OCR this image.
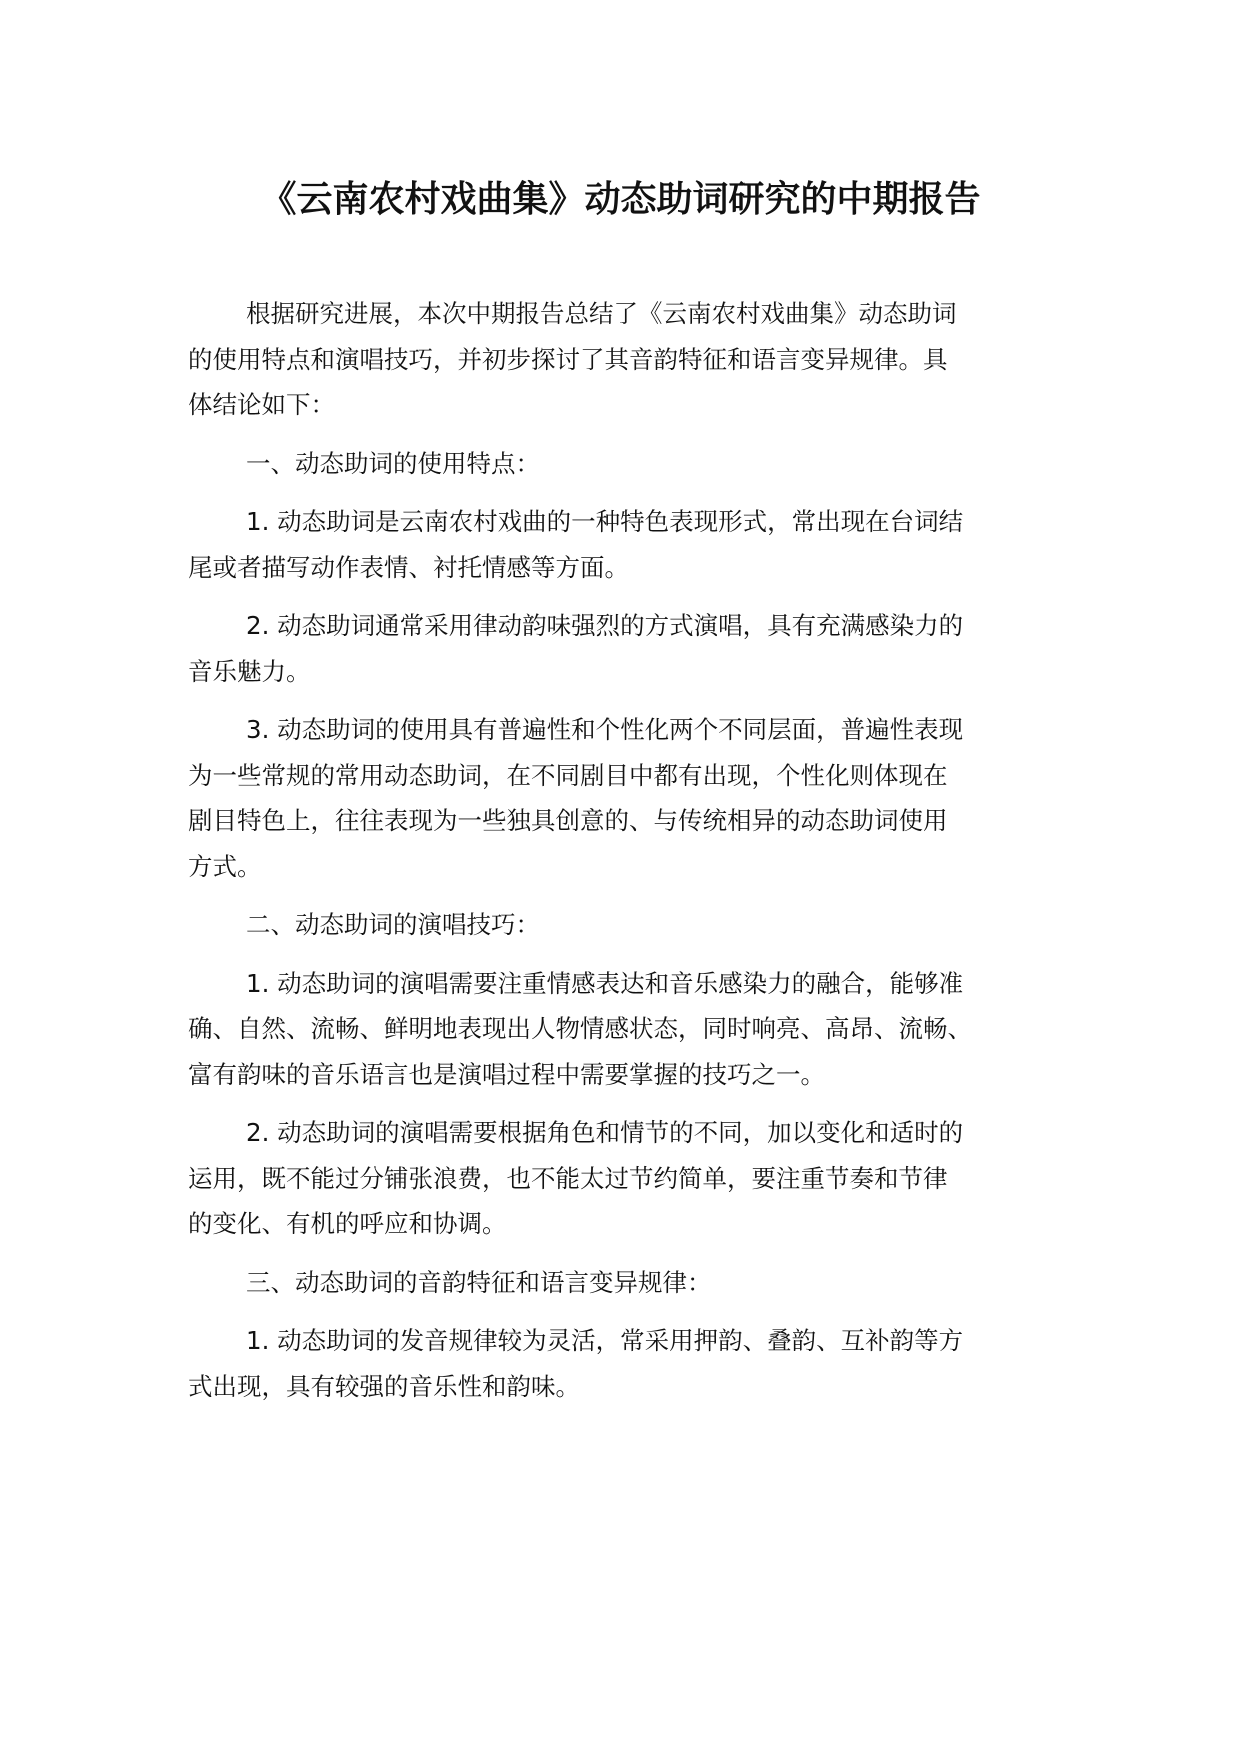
《云南农村戏曲集》动态助词研究的中期报告

根据研究进展，本次中期报告总结了《云南农村戏曲集》动态助词
的使用特点和演唱技巧，并初步探讨了其音韵特征和语言变异规律。具
体结论如下：

一、动态助词的使用特点：

1. 动态助词是云南农村戏曲的一种特色表现形式，常出现在台词结
尾或者描写动作表情、衬托情感等方面。

2. 动态助词通常采用律动韵味强烈的方式演唱，具有充满感染力的
音乐魅力。

3. 动态助词的使用具有普遍性和个性化两个不同层面，普遍性表现
为一些常规的常用动态助词，在不同剧目中都有出现，个性化则体现在
剧目特色上，往往表现为一些独具创意的、与传统相异的动态助词使用
方式。

二、动态助词的演唱技巧：

1. 动态助词的演唱需要注重情感表达和音乐感染力的融合，能够准
确、自然、流畅、鲜明地表现出人物情感状态，同时响亮、高昂、流畅、
富有韵味的音乐语言也是演唱过程中需要掌握的技巧之一。

2. 动态助词的演唱需要根据角色和情节的不同，加以变化和适时的
运用，既不能过分铺张浪费，也不能太过节约简单，要注重节奏和节律
的变化、有机的呼应和协调。

三、动态助词的音韵特征和语言变异规律：

1. 动态助词的发音规律较为灵活，常采用押韵、叠韵、互补韵等方
式出现，具有较强的音乐性和韵味。
